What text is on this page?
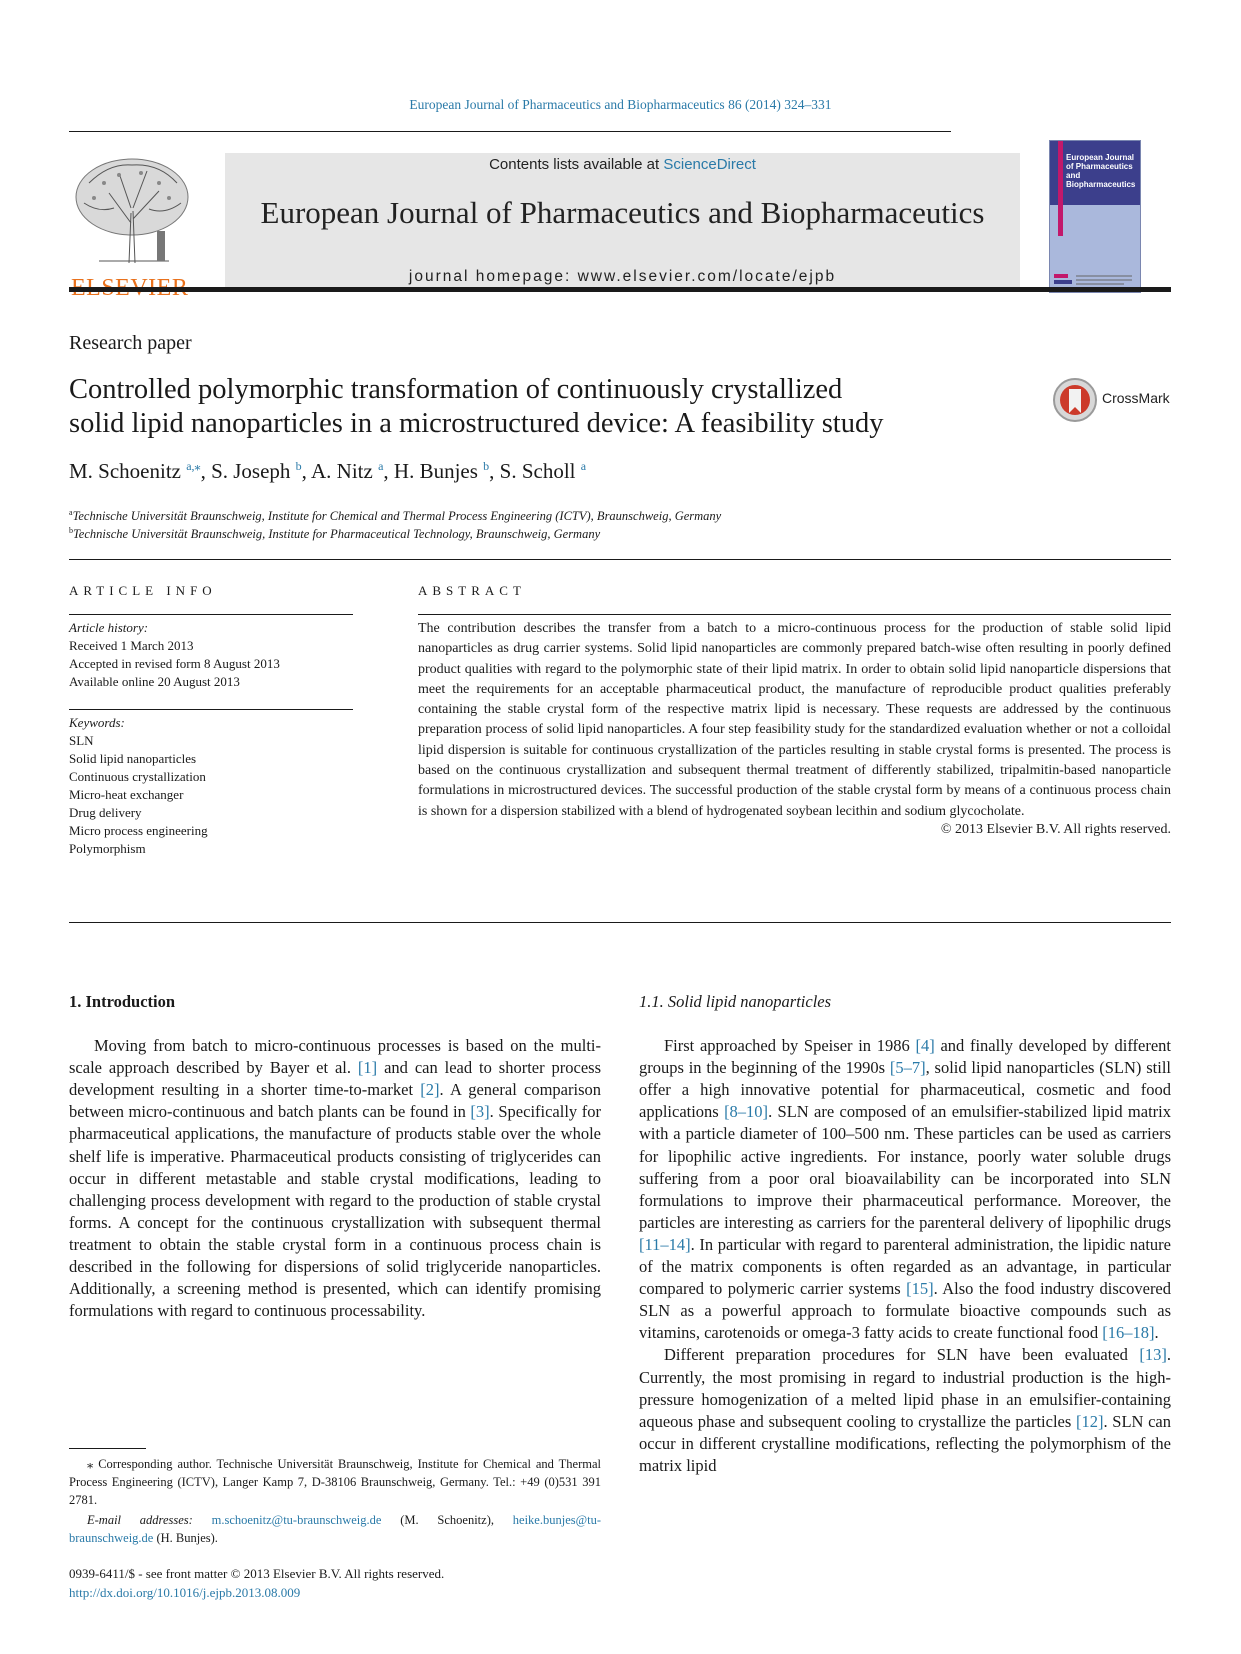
European Journal of Pharmaceutics and Biopharmaceutics 86 (2014) 324–331
Contents lists available at ScienceDirect
European Journal of Pharmaceutics and Biopharmaceutics
journal homepage: www.elsevier.com/locate/ejpb
European Journal of Pharmaceutics and Biopharmaceutics
Research paper
Controlled polymorphic transformation of continuously crystallized
solid lipid nanoparticles in a microstructured device: A feasibility study
CrossMark
M. Schoenitz $^{a,⁎}$, S. Joseph $^b$, A. Nitz $^a$, H. Bunjes $^b$, S. Scholl $^a$
$^a$Technische Universität Braunschweig, Institute for Chemical and Thermal Process Engineering (ICTV), Braunschweig, Germany
$^b$Technische Universität Braunschweig, Institute for Pharmaceutical Technology, Braunschweig, Germany
ARTICLE INFO
Article history:
Received 1 March 2013
Accepted in revised form 8 August 2013
Available online 20 August 2013
Keywords:
SLN
Solid lipid nanoparticles
Continuous crystallization
Micro-heat exchanger
Drug delivery
Micro process engineering
Polymorphism
ABSTRACT
The contribution describes the transfer from a batch to a micro-continuous process for the production of stable solid lipid nanoparticles as drug carrier systems. Solid lipid nanoparticles are commonly prepared batch-wise often resulting in poorly defined product qualities with regard to the polymorphic state of their lipid matrix. In order to obtain solid lipid nanoparticle dispersions that meet the requirements for an acceptable pharmaceutical product, the manufacture of reproducible product qualities preferably containing the stable crystal form of the respective matrix lipid is necessary. These requests are addressed by the continuous preparation process of solid lipid nanoparticles. A four step feasibility study for the standardized evaluation whether or not a colloidal lipid dispersion is suitable for continuous crystallization of the particles resulting in stable crystal forms is presented. The process is based on the continuous crystallization and subsequent thermal treatment of differently stabilized, tripalmitin-based nanoparticle formulations in microstructured devices. The successful production of the stable crystal form by means of a continuous process chain is shown for a dispersion stabilized with a blend of hydrogenated soybean lecithin and sodium glycocholate.
© 2013 Elsevier B.V. All rights reserved.
1. Introduction

Moving from batch to micro-continuous processes is based on the multi-scale approach described by Bayer et al. [1] and can lead to shorter process development resulting in a shorter time-to-market [2]. A general comparison between micro-continuous and batch plants can be found in [3]. Specifically for pharmaceutical applications, the manufacture of products stable over the whole shelf life is imperative. Pharmaceutical products consisting of triglycerides can occur in different metastable and stable crystal modifications, leading to challenging process development with regard to the production of stable crystal forms. A concept for the continuous crystallization with subsequent thermal treatment to obtain the stable crystal form in a continuous process chain is described in the following for dispersions of solid triglyceride nanoparticles. Additionally, a screening method is presented, which can identify promising formulations with regard to continuous processability.

1.1. Solid lipid nanoparticles

First approached by Speiser in 1986 [4] and finally developed by different groups in the beginning of the 1990s [5–7], solid lipid nanoparticles (SLN) still offer a high innovative potential for pharmaceutical, cosmetic and food applications [8–10]. SLN are composed of an emulsifier-stabilized lipid matrix with a particle diameter of 100–500 nm. These particles can be used as carriers for lipophilic active ingredients. For instance, poorly water soluble drugs suffering from a poor oral bioavailability can be incorporated into SLN formulations to improve their pharmaceutical performance. Moreover, the particles are interesting as carriers for the parenteral delivery of lipophilic drugs [11–14]. In particular with regard to parenteral administration, the lipidic nature of the matrix components is often regarded as an advantage, in particular compared to polymeric carrier systems [15]. Also the food industry discovered SLN as a powerful approach to formulate bioactive compounds such as vitamins, carotenoids or omega-3 fatty acids to create functional food [16–18].

Different preparation procedures for SLN have been evaluated [13]. Currently, the most promising in regard to industrial production is the high-pressure homogenization of a melted lipid phase in an emulsifier-containing aqueous phase and subsequent cooling to crystallize the particles [12]. SLN can occur in different crystalline modifications, reflecting the polymorphism of the matrix lipid

⁎ Corresponding author. Technische Universität Braunschweig, Institute for Chemical and Thermal Process Engineering (ICTV), Langer Kamp 7, D-38106 Braunschweig, Germany. Tel.: +49 (0)531 391 2781.

E-mail addresses: m.schoenitz@tu-braunschweig.de (M. Schoenitz), heike.bunjes@tu-braunschweig.de (H. Bunjes).

0939-6411/$ - see front matter © 2013 Elsevier B.V. All rights reserved.
http://dx.doi.org/10.1016/j.ejpb.2013.08.009
